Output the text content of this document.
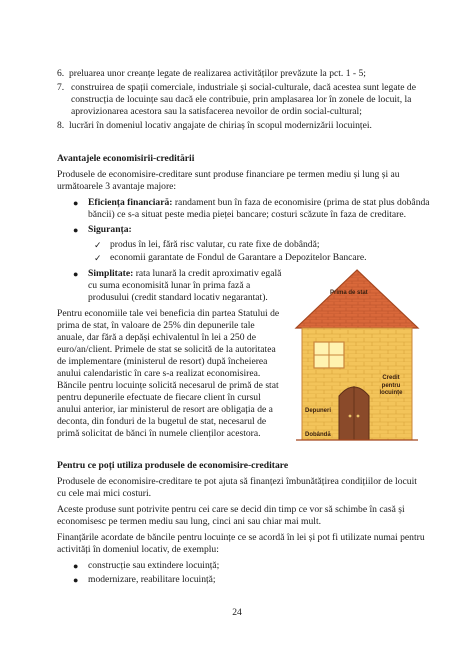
6. preluarea unor creanțe legate de realizarea activităților prevăzute la pct. 1 - 5;

7. construirea de spații comerciale, industriale și social-culturale, dacă acestea sunt legate de

construcția de locuințe sau dacă ele contribuie, prin amplasarea lor în zonele de locuit, la

aprovizionarea acestora sau la satisfacerea nevoilor de ordin social-cultural;

8. lucrări în domeniul locativ angajate de chiriaș în scopul modernizării locuinței.

Avantajele economisirii-creditării

Produsele de economisire-creditare sunt produse financiare pe termen mediu și lung și au

următoarele 3 avantaje majore:

● Eficiența financiară: randament bun în faza de economisire (prima de stat plus dobânda

băncii) ce s-a situat peste media pieței bancare; costuri scăzute în faza de creditare.

● Siguranța:

✓ produs în lei, fără risc valutar, cu rate fixe de dobândă;

✓ economii garantate de Fondul de Garantare a Depozitelor Bancare.

● Simplitate: rata lunară la credit aproximativ egală

cu suma economisită lunar în prima fază a

produsului (credit standard locativ negarantat).

Pentru economiile tale vei beneficia din partea Statului de

prima de stat, în valoare de 25% din depunerile tale

anuale, dar fără a depăși echivalentul în lei a 250 de

euro/an/client. Primele de stat se solicită de la autoritatea

de implementare (ministerul de resort) după încheierea

anului calendaristic în care s-a realizat economisirea.

Băncile pentru locuințe solicită necesarul de primă de stat

pentru depunerile efectuate de fiecare client în cursul

anului anterior, iar ministerul de resort are obligația de a

deconta, din fonduri de la bugetul de stat, necesarul de

primă solicitat de bănci în numele clienților acestora.

Prima de stat
Credit
pentru
locuințe
Depuneri
Dobândă

Pentru ce poți utiliza produsele de economisire-creditare

Produsele de economisire-creditare te pot ajuta să finanțezi îmbunătățirea condițiilor de locuit

cu cele mai mici costuri.

Aceste produse sunt potrivite pentru cei care se decid din timp ce vor să schimbe în casă și

economisesc pe termen mediu sau lung, cinci ani sau chiar mai mult.

Finanțările acordate de băncile pentru locuințe ce se acordă în lei și pot fi utilizate numai pentru

activități în domeniul locativ, de exemplu:

● construcție sau extindere locuință;

● modernizare, reabilitare locuință;

24
